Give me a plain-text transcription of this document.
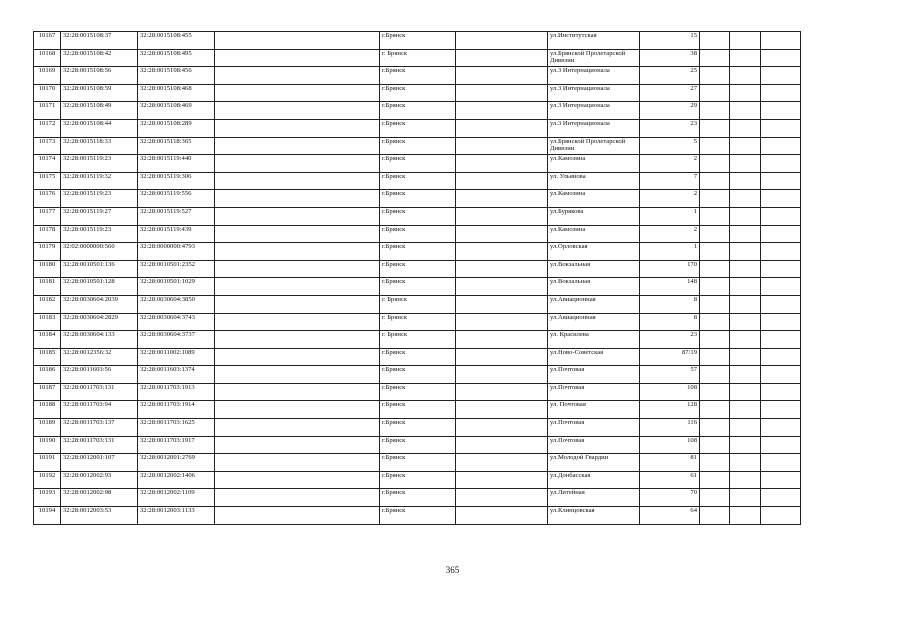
10167	32:28:0015108:37	32:28:0015108:455		г.Брянск		ул.Институтская	15			
10168	32:28:0015108:42	32:28:0015108:495		г. Брянск		ул.Брянской Пролетарской Дивизии	38			
10169	32:28:0015108:56	32:28:0015108:456		г.Брянск		ул.3 Интернационала	25			
10170	32:28:0015108:59	32:28:0015108:468		г.Брянск		ул.3 Интернационала	27			
10171	32:28:0015108:49	32:28:0015108:469		г.Брянск		ул.3 Интернационала	29			
10172	32:28:0015108:44	32:28:0015108:289		г.Брянск		ул.3 Интернационала	23			
10173	32:28:0015118:33	32:28:0015118:365		г.Брянск		ул.Брянской Пролетарской Дивизии	5			
10174	32:28:0015119:23	32:28:0015119:440		г.Брянск		ул.Камозина	2			
10175	32:28:0015119:32	32:28:0015119:306		г.Брянск		ул. Ульянова	7			
10176	32:28:0015119:23	32:28:0015119:556		г.Брянск		ул.Камозина	2			
10177	32:28:0015119:27	32:28:0015119:527		г.Брянск		ул.Бурякова	1			
10178	32:28:0015119:23	32:28:0015119:439		г.Брянск		ул.Камозина	2			
10179	32:02:0000000:560	32:28:0000000:4793		г.Брянск		ул.Орловская	1			
10180	32:28:0010501:136	32:28:0010501:2352		г.Брянск		ул.Вокзальная	170			
10181	32:28:0010501:128	32:28:0010501:1029		г.Брянск		ул.Вокзальная	148			
10182	32:28:0030604:2039	32:28:0030604:3850		г. Брянск		ул.Авиационная	8			
10183	32:28:0030604:2829	32:28:0030604:3743		г. Брянск		ул.Авиационная	8			
10184	32:28:0030604:133	32:28:0030604:3737		г. Брянск		ул. Красилева	23			
10185	32:28:0012356:32	32:28:0011002:1089		г.Брянск		ул.Ново-Советская	87/19			
10186	32:28:0011603:56	32:28:0011603:1374		г.Брянск		ул.Почтовая	57			
10187	32:28:0011703:131	32:28:0011703:1913		г.Брянск		ул.Почтовая	108			
10188	32:28:0011703:94	32:28:0011703:1914		г.Брянск		ул. Почтовая	128			
10189	32:28:0011703:137	32:28:0011703:1625		г.Брянск		ул.Почтовая	116			
10190	32:28:0011703:131	32:28:0011703:1917		г.Брянск		ул.Почтовая	108			
10191	32:28:0012001:107	32:28:0012001:2769		г.Брянск		ул.Молодой Гвардии	81			
10192	32:28:0012002:93	32:28:0012002:1406		г.Брянск		ул.Донбасская	61			
10193	32:28:0012002:98	32:28:0012002:1109		г.Брянск		ул.Литейная	70			
10194	32:28:0012003:53	32:28:0012003:1133		г.Брянск		ул.Клинцовская	64			
365
